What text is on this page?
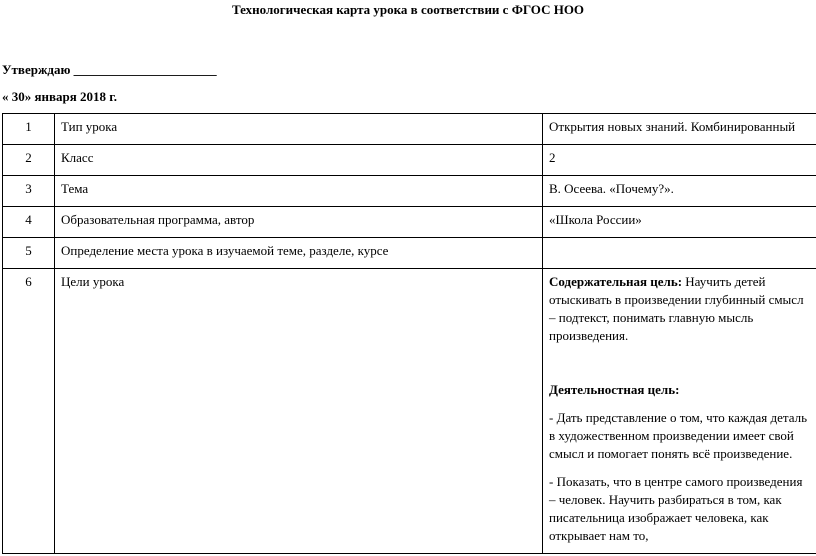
Технологическая карта урока в соответствии с ФГОС НОО
Утверждаю ______________________
« 30» января 2018 г.
1	Тип урока	Открытия новых знаний. Комбинированный
2	Класс	2
3	Тема	В. Осеева. «Почему?».
4	Образовательная программа, автор	«Школа России»
5	Определение места урока в изучаемой теме, разделе, курсе	
6	Цели урока	Содержательная цель: Научить детей отыскивать в произведении глубинный смысл – подтекст, понимать главную мысль произведения.

Деятельностная цель:

- Дать представление о том, что каждая деталь в художественном произведении имеет свой смысл и помогает понять всё произведение.

- Показать, что в центре самого произведения – человек. Научить разбираться в том, как писательница изображает человека, как открывает нам то,
